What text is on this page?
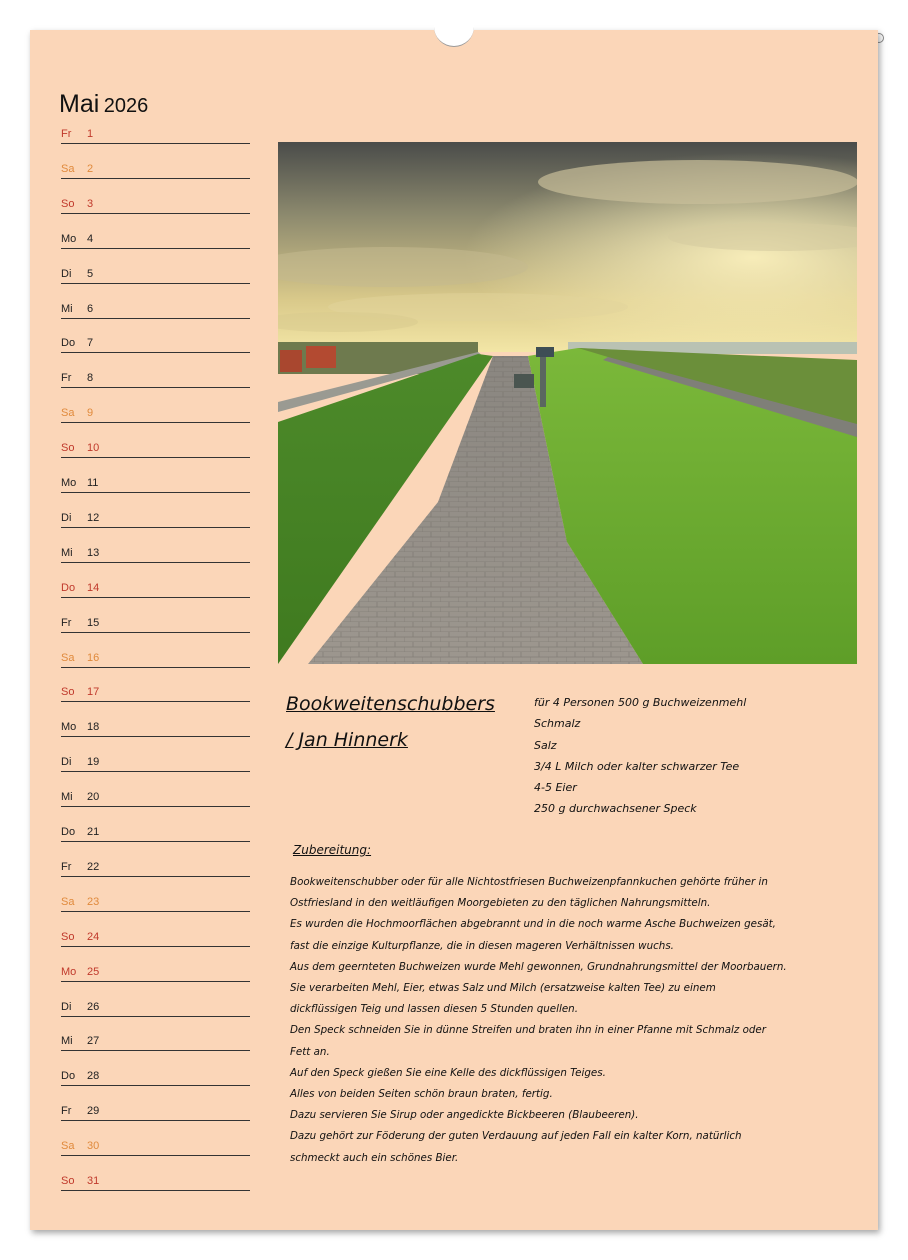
Mai 2026
Fr 1
Sa 2
So 3
Mo 4
Di 5
Mi 6
Do 7
Fr 8
Sa 9
So 10
Mo 11
Di 12
Mi 13
Do 14
Fr 15
Sa 16
So 17
Mo 18
Di 19
Mi 20
Do 21
Fr 22
Sa 23
So 24
Mo 25
Di 26
Mi 27
Do 28
Fr 29
Sa 30
So 31
Bookweitenschubbers
/ Jan Hinnerk
für 4 Personen 500 g Buchweizenmehl
Schmalz
Salz
3/4 L Milch oder kalter schwarzer Tee
4-5 Eier
250 g durchwachsener Speck
Zubereitung:
Bookweitenschubber oder für alle Nichtostfriesen Buchweizenpfannkuchen gehörte früher in
Ostfriesland in den weitläufigen Moorgebieten zu den täglichen Nahrungsmitteln.
Es wurden die Hochmoorflächen abgebrannt und in die noch warme Asche Buchweizen gesät,
fast die einzige Kulturpflanze, die in diesen mageren Verhältnissen wuchs.
Aus dem geernteten Buchweizen wurde Mehl gewonnen, Grundnahrungsmittel der Moorbauern.
Sie verarbeiten Mehl, Eier, etwas Salz und Milch (ersatzweise kalten Tee) zu einem
dickflüssigen Teig und lassen diesen 5 Stunden quellen.
Den Speck schneiden Sie in dünne Streifen und braten ihn in einer Pfanne mit Schmalz oder
Fett an.
Auf den Speck gießen Sie eine Kelle des dickflüssigen Teiges.
Alles von beiden Seiten schön braun braten, fertig.
Dazu servieren Sie Sirup oder angedickte Bickbeeren (Blaubeeren).
Dazu gehört zur Föderung der guten Verdauung auf jeden Fall ein kalter Korn, natürlich
schmeckt auch ein schönes Bier.
